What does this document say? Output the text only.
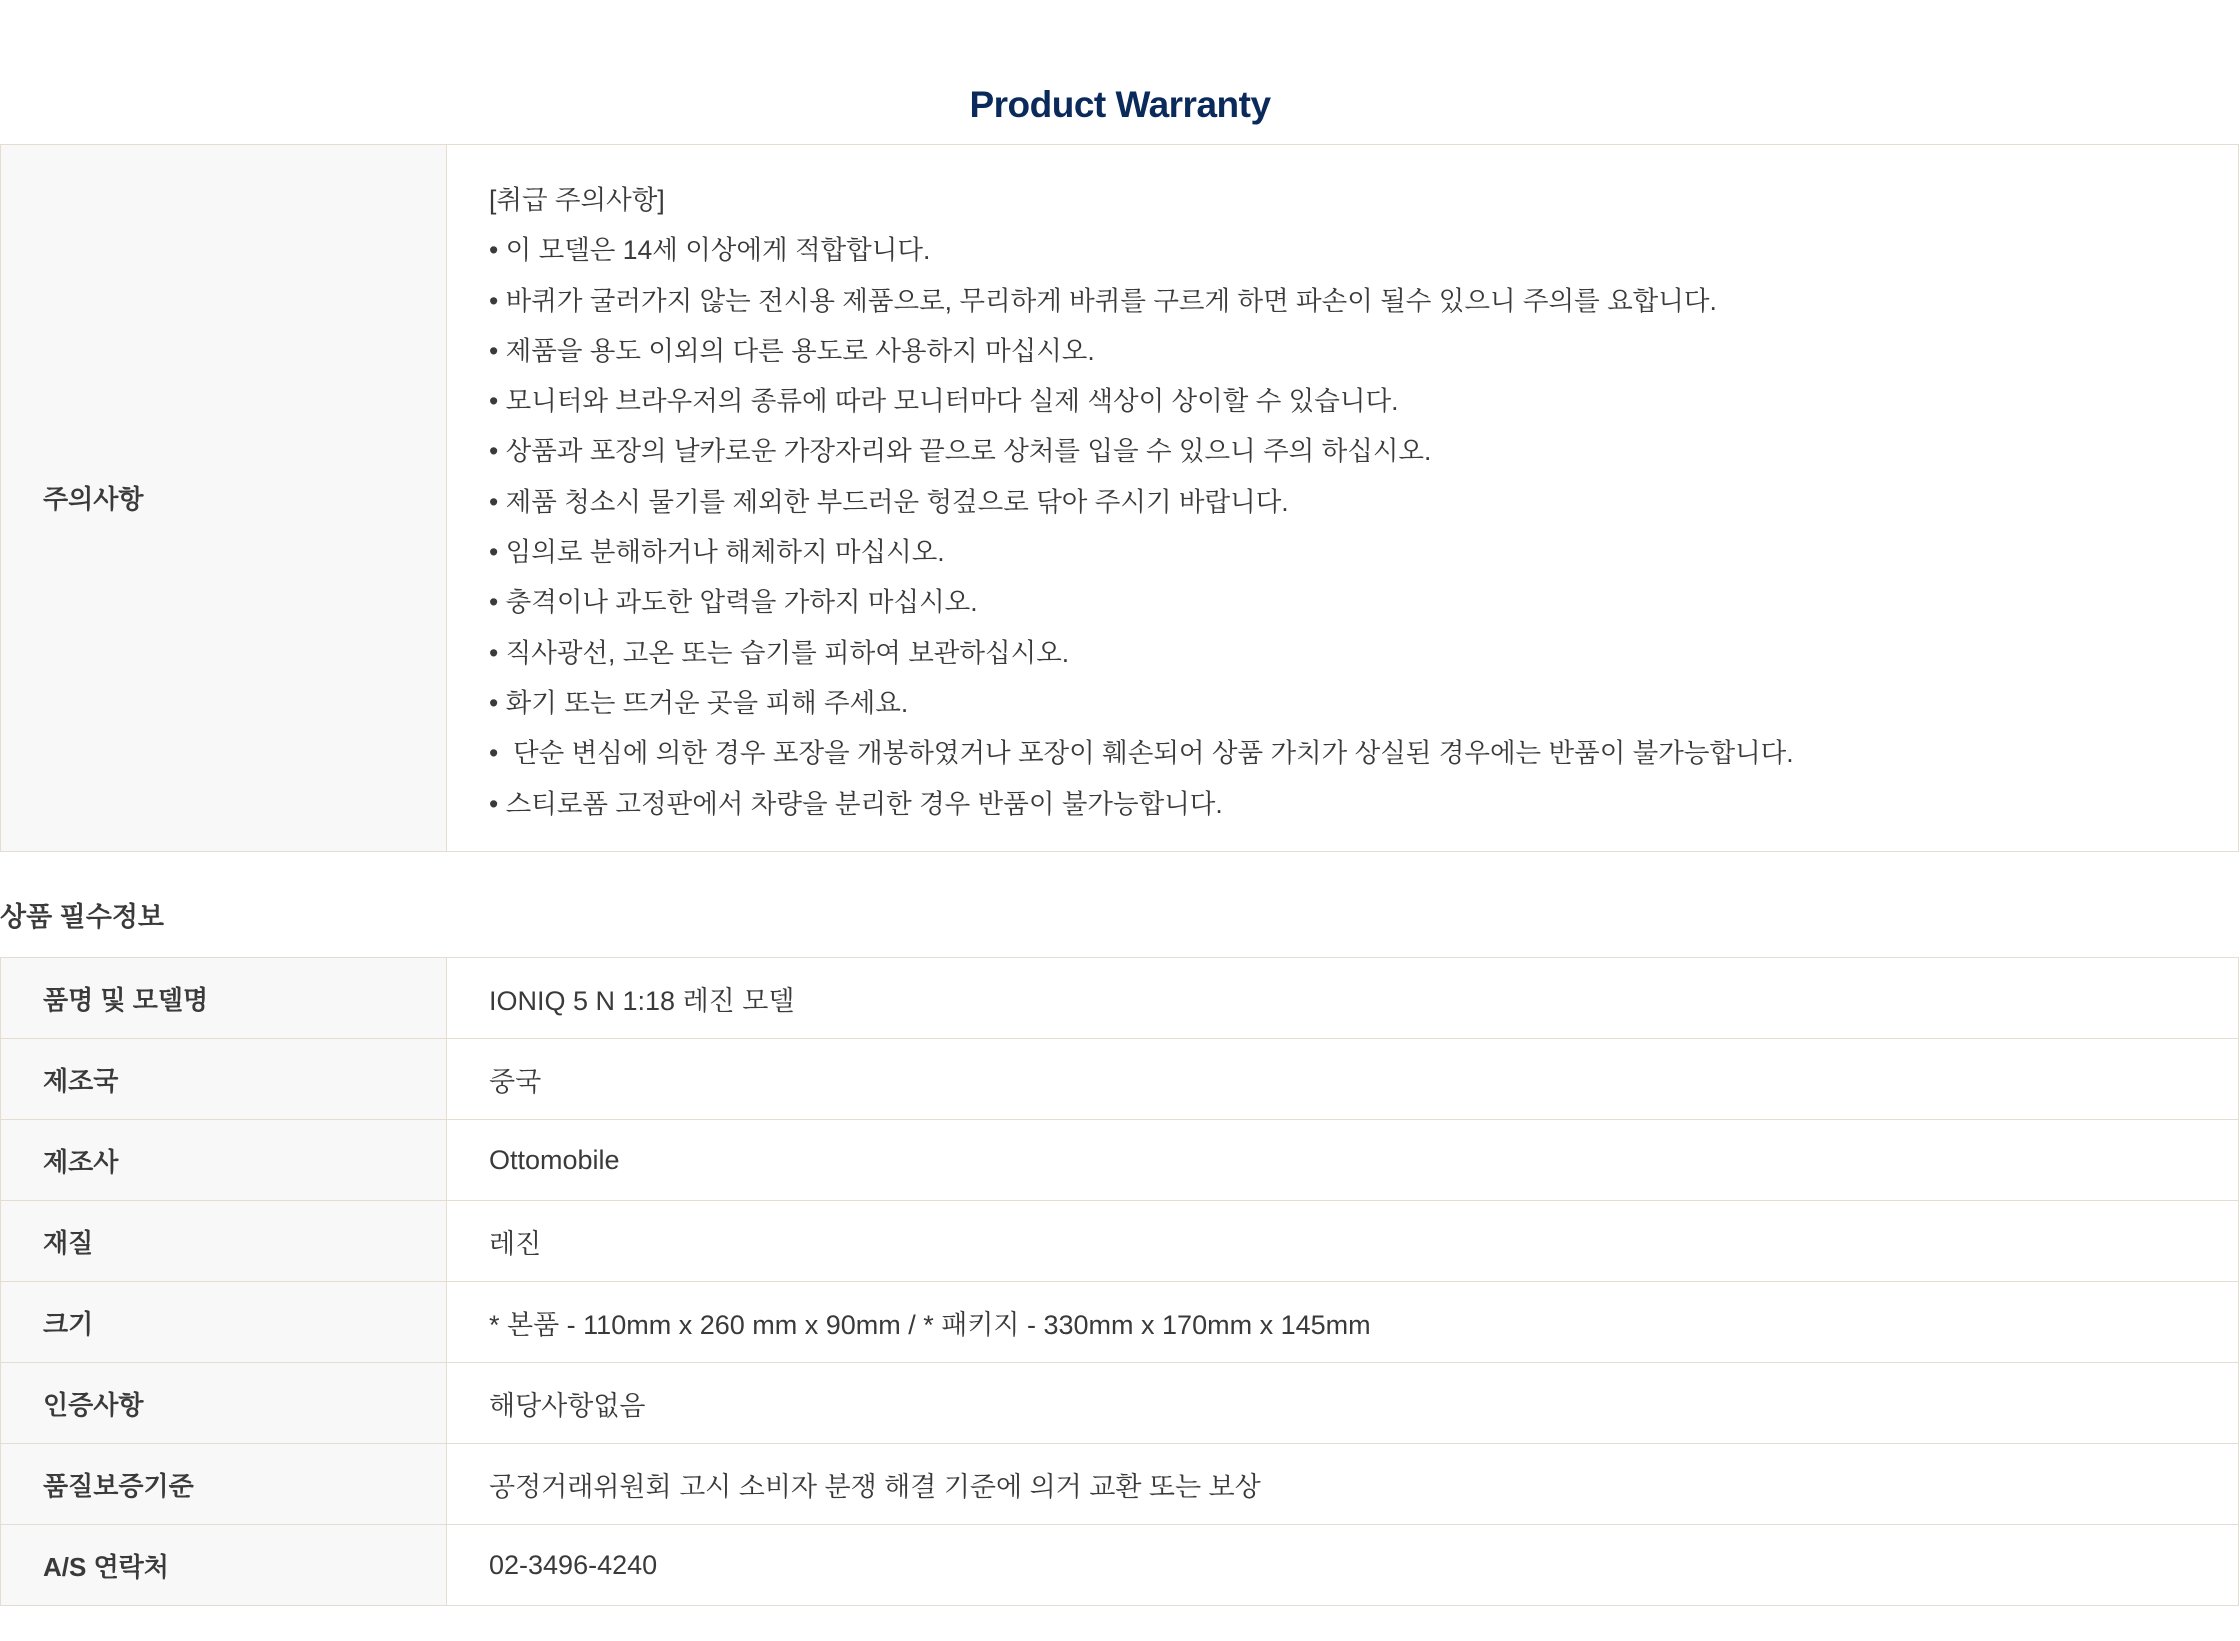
Product Warranty
주의사항	
[취급 주의사항]
• 이 모델은 14세 이상에게 적합합니다.
• 바퀴가 굴러가지 않는 전시용 제품으로, 무리하게 바퀴를 구르게 하면 파손이 될수 있으니 주의를 요합니다.
• 제품을 용도 이외의 다른 용도로 사용하지 마십시오.
• 모니터와 브라우저의 종류에 따라 모니터마다 실제 색상이 상이할 수 있습니다.
• 상품과 포장의 날카로운 가장자리와 끝으로 상처를 입을 수 있으니 주의 하십시오.
• 제품 청소시 물기를 제외한 부드러운 헝겊으로 닦아 주시기 바랍니다.
• 임의로 분해하거나 해체하지 마십시오.
• 충격이나 과도한 압력을 가하지 마십시오.
• 직사광선, 고온 또는 습기를 피하여 보관하십시오.
• 화기 또는 뜨거운 곳을 피해 주세요.
•  단순 변심에 의한 경우 포장을 개봉하였거나 포장이 훼손되어 상품 가치가 상실된 경우에는 반품이 불가능합니다.
• 스티로폼 고정판에서 차량을 분리한 경우 반품이 불가능합니다.
상품 필수정보
품명 및 모델명	IONIQ 5 N 1:18 레진 모델
제조국	중국
제조사	Ottomobile
재질	레진
크기	* 본품 - 110mm x 260 mm x 90mm / * 패키지 - 330mm x 170mm x 145mm
인증사항	해당사항없음
품질보증기준	공정거래위원회 고시 소비자 분쟁 해결 기준에 의거 교환 또는 보상
A/S 연락처	02-3496-4240
